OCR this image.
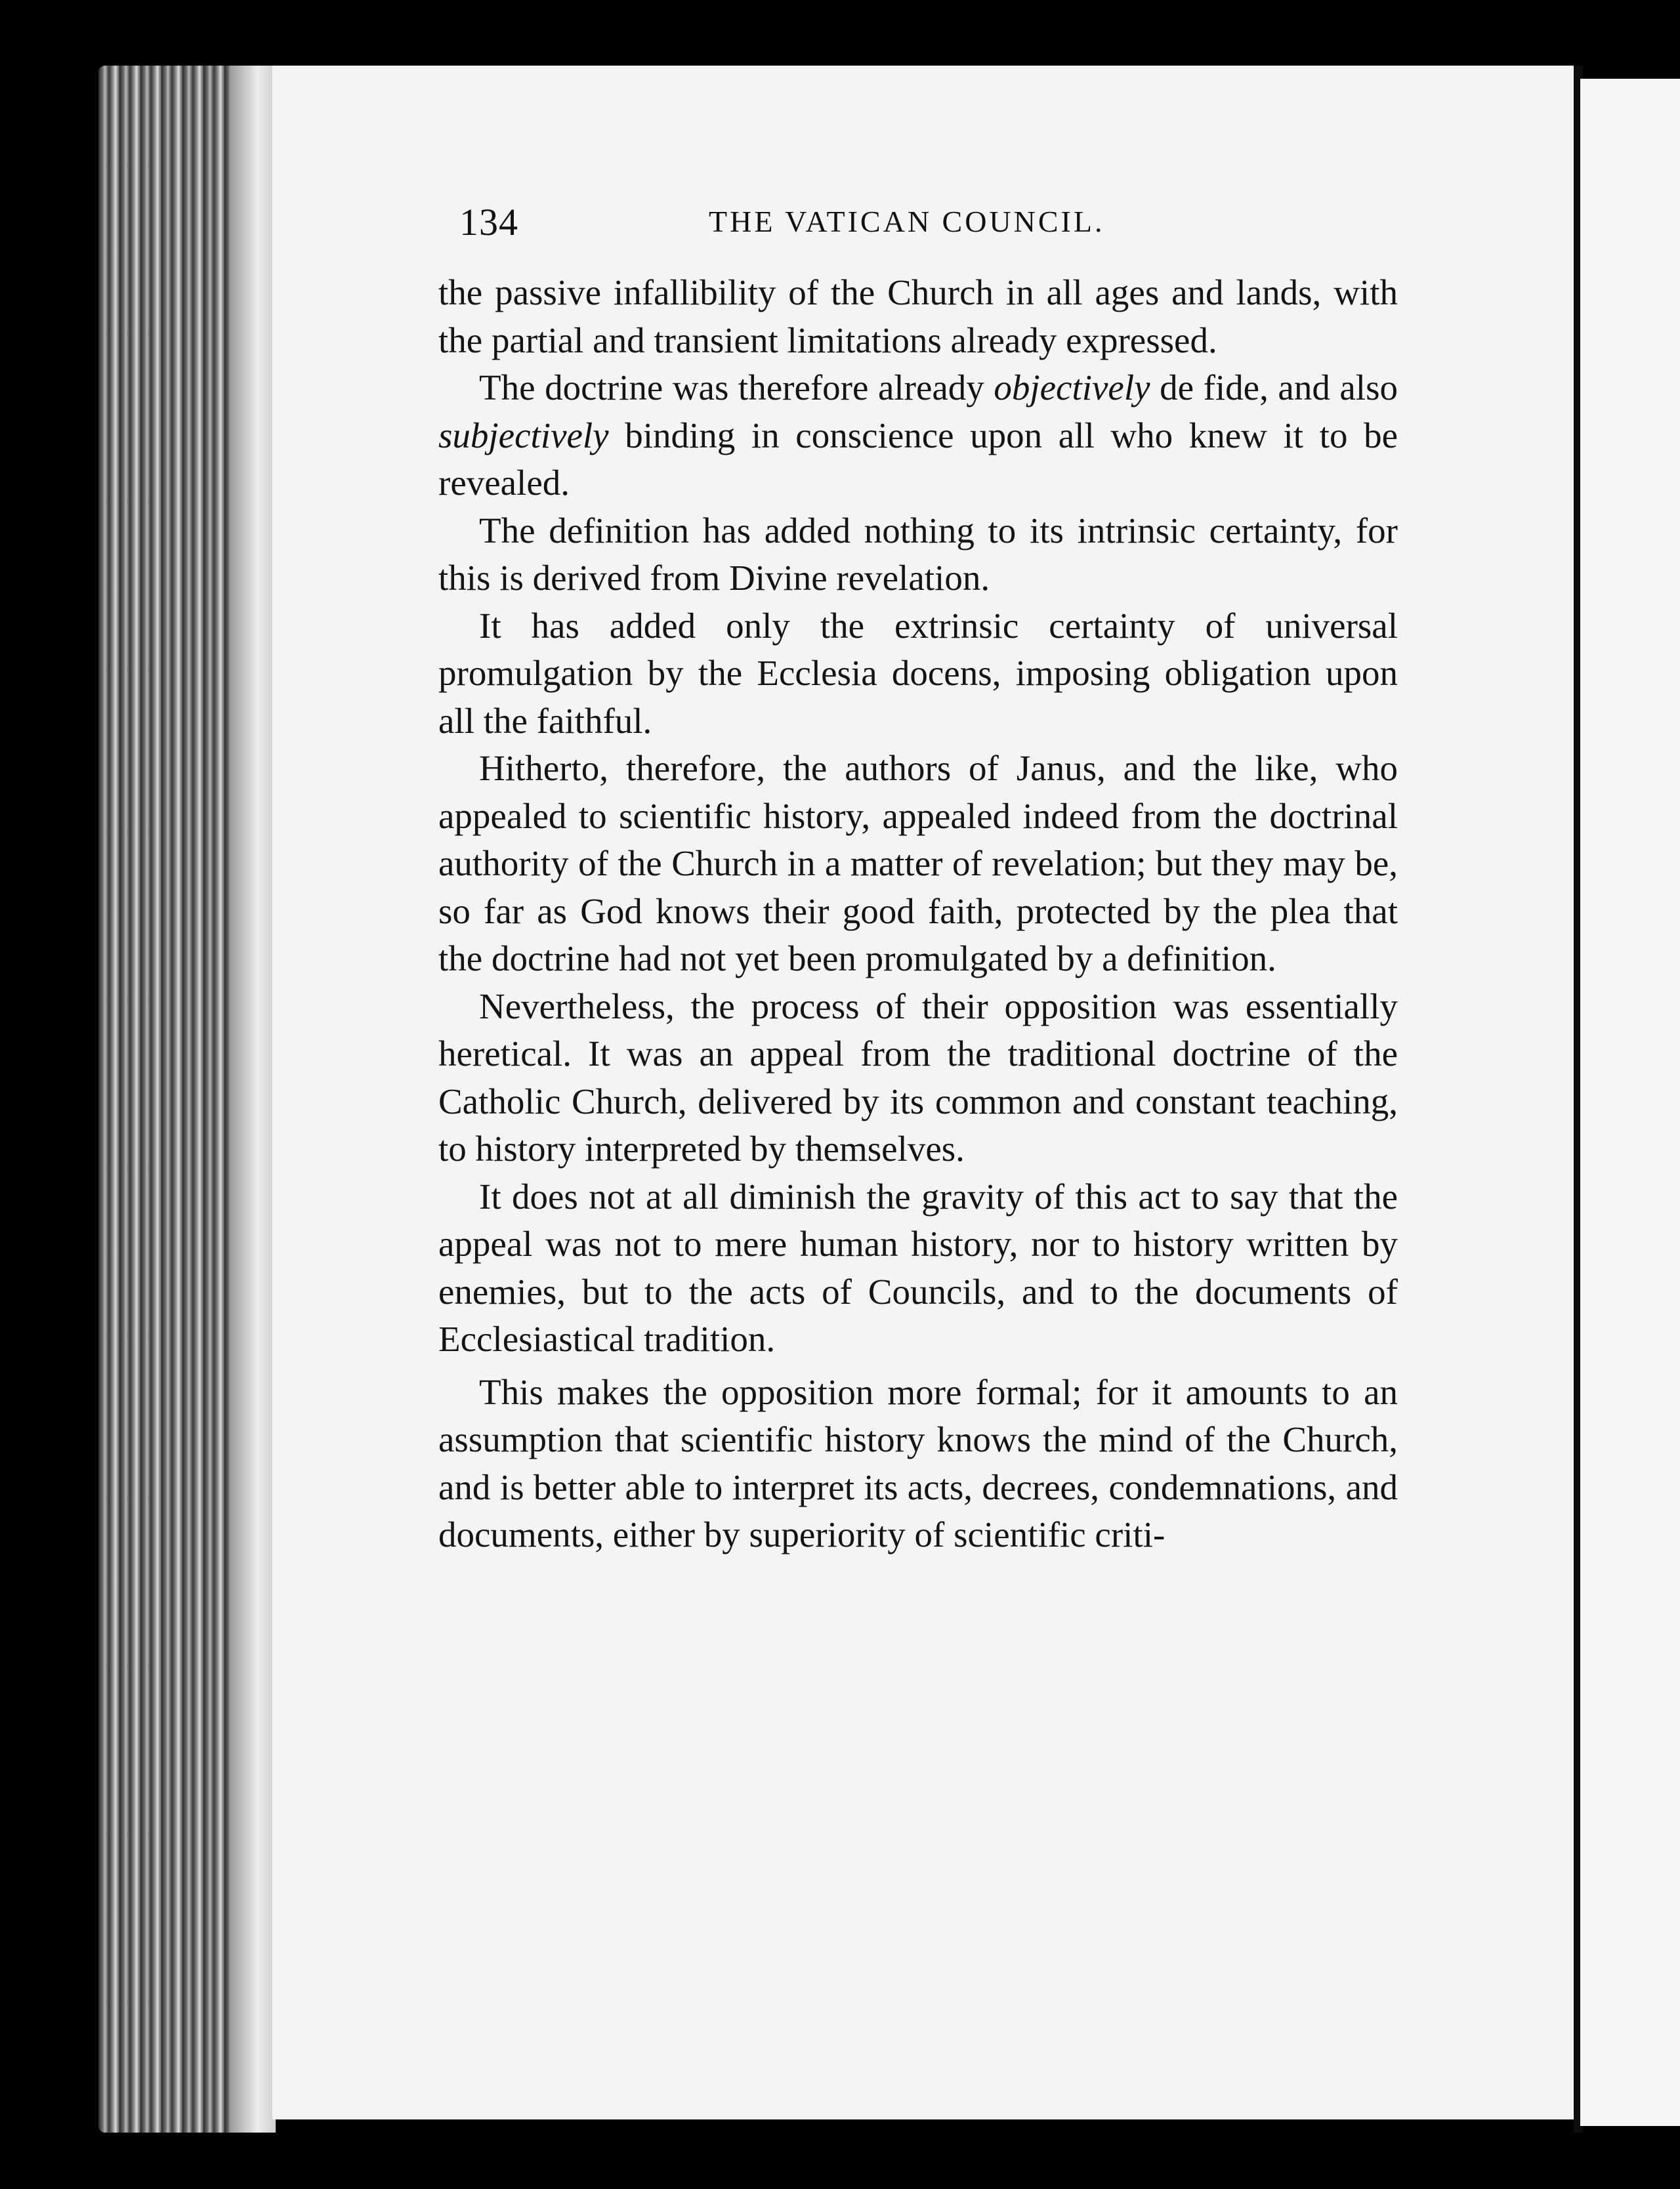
134	THE VATICAN COUNCIL.

the passive infallibility of the Church in all ages and lands, with the partial and transient limitations already expressed.

The doctrine was therefore already objectively de fide, and also subjectively binding in conscience upon all who knew it to be revealed.

The definition has added nothing to its intrinsic certainty, for this is derived from Divine revelation.

It has added only the extrinsic certainty of universal promulgation by the Ecclesia docens, imposing obligation upon all the faithful.

Hitherto, therefore, the authors of Janus, and the like, who appealed to scientific history, appealed indeed from the doctrinal authority of the Church in a matter of revelation; but they may be, so far as God knows their good faith, protected by the plea that the doctrine had not yet been promulgated by a definition.

Nevertheless, the process of their opposition was essentially heretical. It was an appeal from the traditional doctrine of the Catholic Church, delivered by its common and constant teaching, to history interpreted by themselves.

It does not at all diminish the gravity of this act to say that the appeal was not to mere human history, nor to history written by enemies, but to the acts of Councils, and to the documents of Ecclesiastical tradition.

This makes the opposition more formal; for it amounts to an assumption that scientific history knows the mind of the Church, and is better able to interpret its acts, decrees, condemnations, and documents, either by superiority of scientific criti-
